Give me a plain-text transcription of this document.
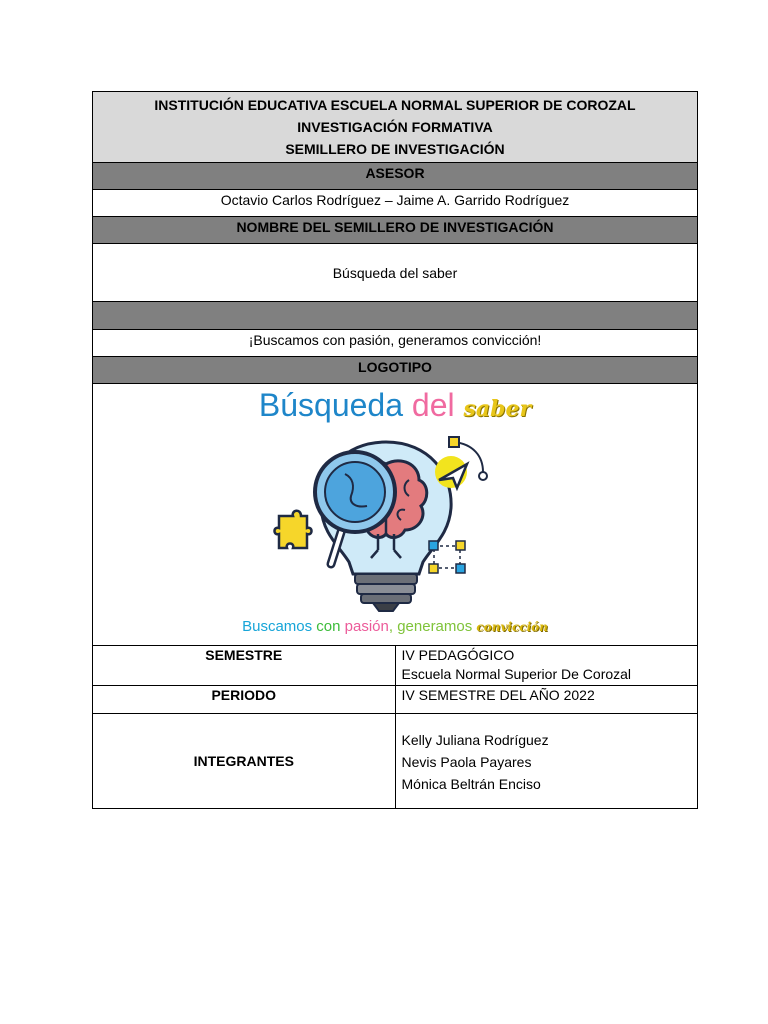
INSTITUCIÓN EDUCATIVA ESCUELA NORMAL SUPERIOR DE COROZAL
INVESTIGACIÓN FORMATIVA
SEMILLERO DE INVESTIGACIÓN	

ASESOR	
Octavio Carlos Rodríguez – Jaime A. Garrido Rodríguez	
NOMBRE DEL SEMILLERO DE INVESTIGACIÓN	
Búsqueda del saber	

¡Buscamos con pasión, generamos convicción!	
LOGOTIPO	

Búsqueda del saber
Buscamos con pasión, generamos convicción	

SEMESTRE	IV PEDAGÓGICO
Escuela Normal Superior De Corozal

PERIODO	IV SEMESTRE DEL AÑO 2022
INTEGRANTES	Kelly Juliana Rodríguez
Nevis Paola Payares
Mónica Beltrán Enciso
